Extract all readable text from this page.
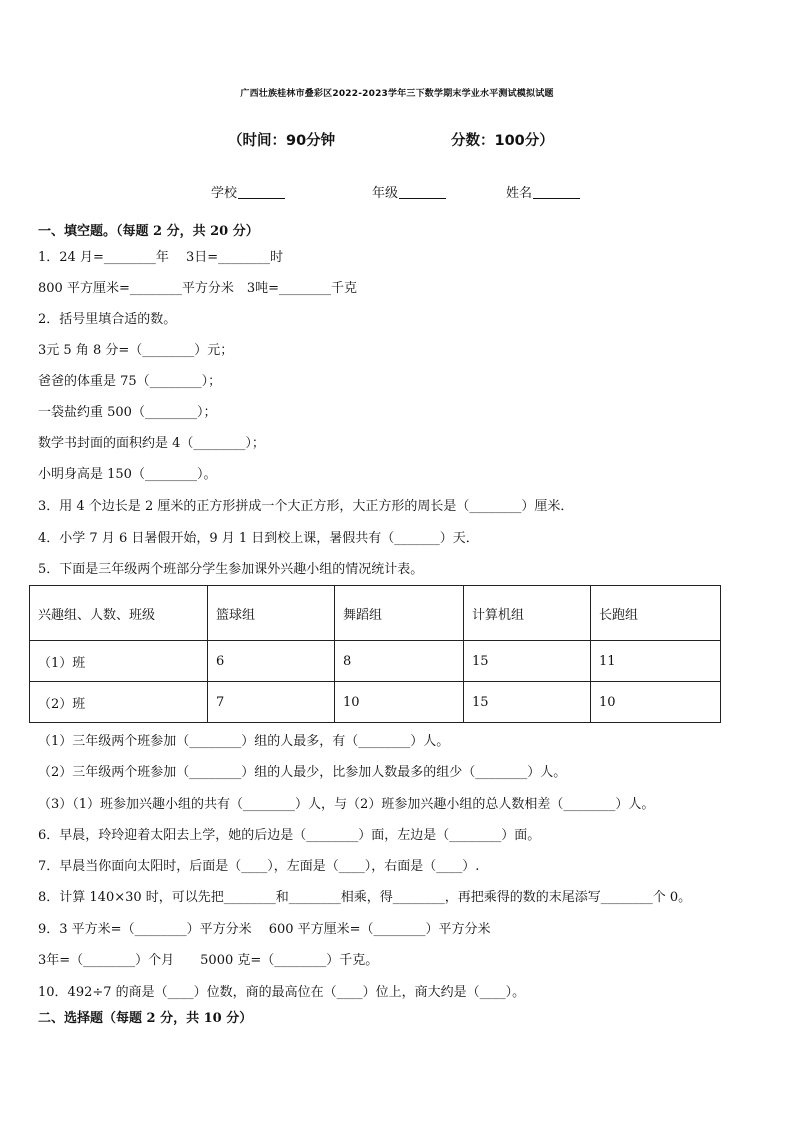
广西壮族桂林市叠彩区2022-2023学年三下数学期末学业水平测试模拟试题
（时间：90分钟	分数：100分）
学校	年级	姓名
一、填空题。（每题 2 分，共 20 分）
1．24 月=________年　 3日=________时
800 平方厘米=________平方分米　3吨=________千克
2．括号里填合适的数。
3元 5 角 8 分=（________）元；
爸爸的体重是 75（________）；
一袋盐约重 500（________）；
数学书封面的面积约是 4（________）；
小明身高是 150（________）。
3．用 4 个边长是 2 厘米的正方形拼成一个大正方形，大正方形的周长是（________）厘米．
4．小学 7 月 6 日暑假开始，9 月 1 日到校上课，暑假共有（_______）天．
5．下面是三年级两个班部分学生参加课外兴趣小组的情况统计表。
兴趣组、人数、班级	篮球组	舞蹈组	计算机组	长跑组
（1）班	6	8	15	11
（2）班	7	10	15	10
（1）三年级两个班参加（________）组的人最多，有（________）人。
（2）三年级两个班参加（________）组的人最少，比参加人数最多的组少（________）人。
（3）（1）班参加兴趣小组的共有（________）人，与（2）班参加兴趣小组的总人数相差（________）人。
6．早晨，玲玲迎着太阳去上学，她的后边是（________）面，左边是（________）面。
7．早晨当你面向太阳时，后面是（____），左面是（____），右面是（____）.
8．计算 140×30 时，可以先把________和________相乘，得________，再把乘得的数的末尾添写________个 0。
9．3 平方米=（________）平方分米　 600 平方厘米=（________）平方分米
3年=（________）个月　　5000 克=（________）千克。
10．492÷7 的商是（____）位数，商的最高位在（____）位上，商大约是（____）。
二、选择题（每题 2 分，共 10 分）
